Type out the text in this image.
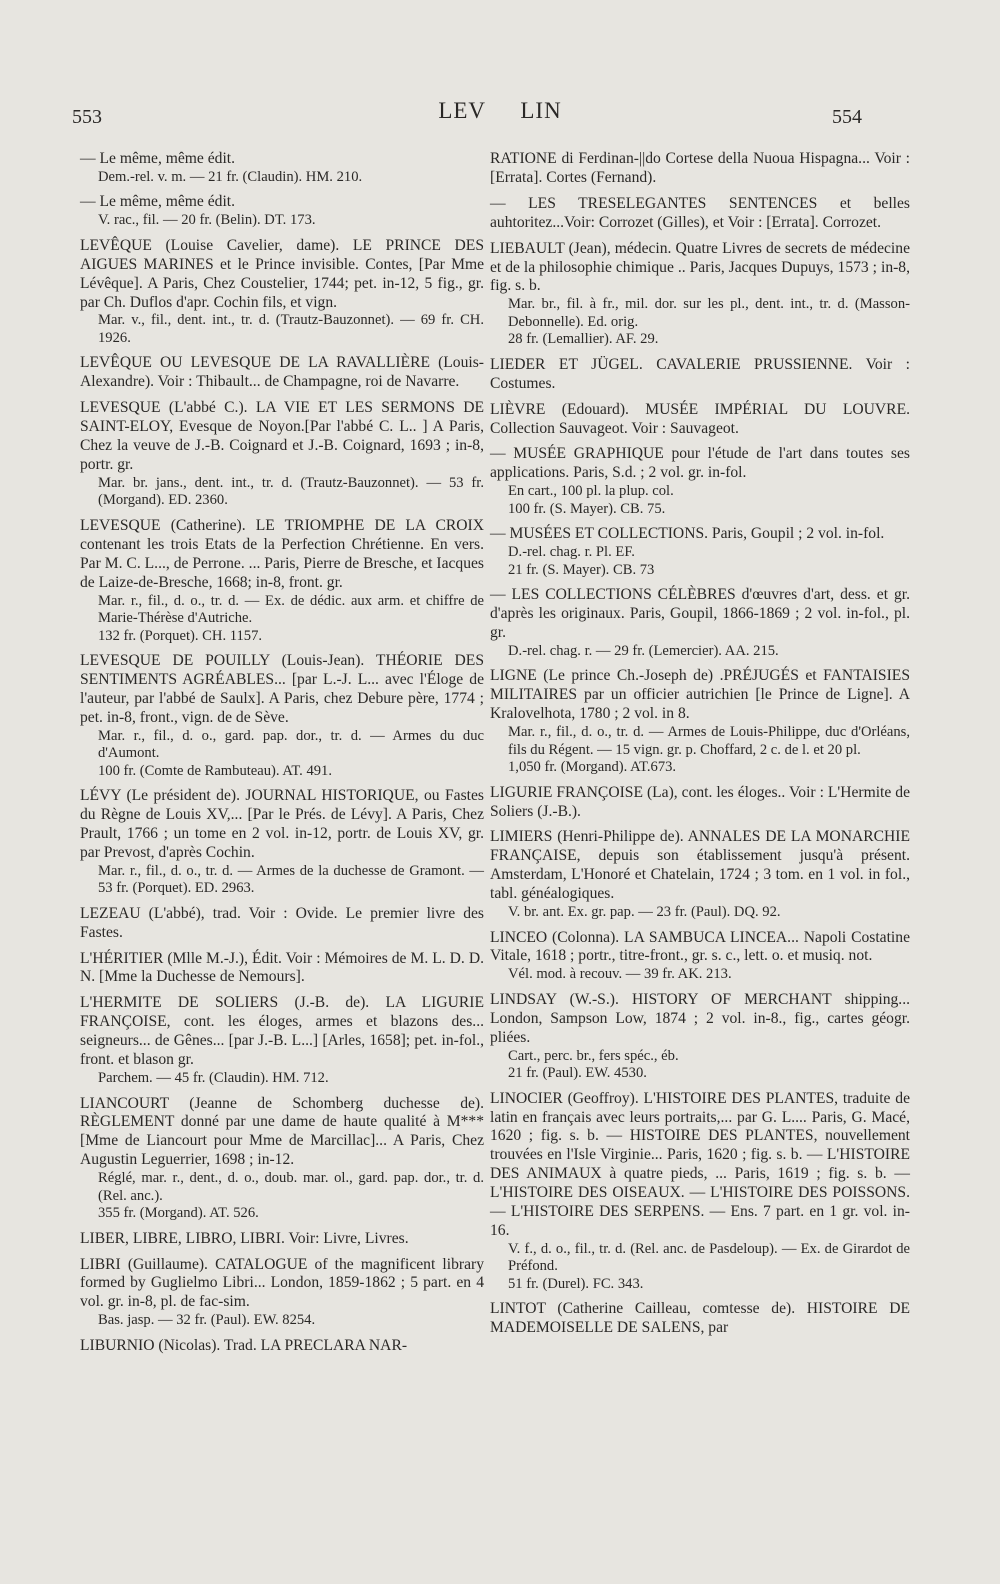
553	LEV LIN	554

— Le même, même édit.

Dem.-rel. v. m. — 21 fr. (Claudin). HM. 210.

— Le même, même édit.

V. rac., fil. — 20 fr. (Belin). DT. 173.

LEVÊQUE (Louise Cavelier, dame). LE PRINCE DES AIGUES MARINES et le Prince invisible. Contes, [Par Mme Lévêque]. A Paris, Chez Coustelier, 1744; pet. in-12, 5 fig., gr. par Ch. Duflos d'apr. Cochin fils, et vign.

Mar. v., fil., dent. int., tr. d. (Trautz-Bauzonnet). — 69 fr. CH. 1926.

LEVÊQUE OU LEVESQUE DE LA RAVALLIÈRE (Louis-Alexandre). Voir : Thibault... de Champagne, roi de Navarre.

LEVESQUE (L'abbé C.). LA VIE ET LES SERMONS DE SAINT-ELOY, Evesque de Noyon.[Par l'abbé C. L.. ] A Paris, Chez la veuve de J.-B. Coignard et J.-B. Coignard, 1693 ; in-8, portr. gr.

Mar. br. jans., dent. int., tr. d. (Trautz-Bauzonnet). — 53 fr. (Morgand). ED. 2360.

LEVESQUE (Catherine). LE TRIOMPHE DE LA CROIX contenant les trois Etats de la Perfection Chrétienne. En vers. Par M. C. L..., de Perrone. ... Paris, Pierre de Bresche, et Iacques de Laize-de-Bresche, 1668; in-8, front. gr.

Mar. r., fil., d. o., tr. d. — Ex. de dédic. aux arm. et chiffre de Marie-Thérèse d'Autriche.

132 fr. (Porquet). CH. 1157.

LEVESQUE DE POUILLY (Louis-Jean). THÉORIE DES SENTIMENTS AGRÉABLES... [par L.-J. L... avec l'Éloge de l'auteur, par l'abbé de Saulx]. A Paris, chez Debure père, 1774 ; pet. in-8, front., vign. de de Sève.

Mar. r., fil., d. o., gard. pap. dor., tr. d. — Armes du duc d'Aumont.

100 fr. (Comte de Rambuteau). AT. 491.

LÉVY (Le président de). JOURNAL HISTORIQUE, ou Fastes du Règne de Louis XV,... [Par le Prés. de Lévy]. A Paris, Chez Prault, 1766 ; un tome en 2 vol. in-12, portr. de Louis XV, gr. par Prevost, d'après Cochin.

Mar. r., fil., d. o., tr. d. — Armes de la duchesse de Gramont. — 53 fr. (Porquet). ED. 2963.

LEZEAU (L'abbé), trad. Voir : Ovide. Le premier livre des Fastes.

L'HÉRITIER (Mlle M.-J.), Édit. Voir : Mémoires de M. L. D. D. N. [Mme la Duchesse de Nemours].

L'HERMITE DE SOLIERS (J.-B. de). LA LIGURIE FRANÇOISE, cont. les éloges, armes et blazons des... seigneurs... de Gênes... [par J.-B. L...] [Arles, 1658]; pet. in-fol., front. et blason gr.

Parchem. — 45 fr. (Claudin). HM. 712.

LIANCOURT (Jeanne de Schomberg duchesse de). RÈGLEMENT donné par une dame de haute qualité à M*** [Mme de Liancourt pour Mme de Marcillac]... A Paris, Chez Augustin Leguerrier, 1698 ; in-12.

Réglé, mar. r., dent., d. o., doub. mar. ol., gard. pap. dor., tr. d. (Rel. anc.).

355 fr. (Morgand). AT. 526.

LIBER, LIBRE, LIBRO, LIBRI. Voir: Livre, Livres.

LIBRI (Guillaume). CATALOGUE of the magnificent library formed by Guglielmo Libri... London, 1859-1862 ; 5 part. en 4 vol. gr. in-8, pl. de fac-sim.

Bas. jasp. — 32 fr. (Paul). EW. 8254.

LIBURNIO (Nicolas). Trad. LA PRECLARA NAR-

RATIONE di Ferdinan-||do Cortese della Nuoua Hispagna... Voir : [Errata]. Cortes (Fernand).

— LES TRESELEGANTES SENTENCES et belles auhtoritez...Voir: Corrozet (Gilles), et Voir : [Errata]. Corrozet.

LIEBAULT (Jean), médecin. Quatre Livres de secrets de médecine et de la philosophie chimique .. Paris, Jacques Dupuys, 1573 ; in-8, fig. s. b.

Mar. br., fil. à fr., mil. dor. sur les pl., dent. int., tr. d. (Masson-Debonnelle). Ed. orig.

28 fr. (Lemallier). AF. 29.

LIEDER ET JÜGEL. CAVALERIE PRUSSIENNE. Voir : Costumes.

LIÈVRE (Edouard). MUSÉE IMPÉRIAL DU LOUVRE. Collection Sauvageot. Voir : Sauvageot.

— MUSÉE GRAPHIQUE pour l'étude de l'art dans toutes ses applications. Paris, S.d. ; 2 vol. gr. in-fol.

En cart., 100 pl. la plup. col.

100 fr. (S. Mayer). CB. 75.

— MUSÉES ET COLLECTIONS. Paris, Goupil ; 2 vol. in-fol.

D.-rel. chag. r. Pl. EF.

21 fr. (S. Mayer). CB. 73

— LES COLLECTIONS CÉLÈBRES d'œuvres d'art, dess. et gr. d'après les originaux. Paris, Goupil, 1866-1869 ; 2 vol. in-fol., pl. gr.

D.-rel. chag. r. — 29 fr. (Lemercier). AA. 215.

LIGNE (Le prince Ch.-Joseph de) .PRÉJUGÉS et FANTAISIES MILITAIRES par un officier autrichien [le Prince de Ligne]. A Kralovelhota, 1780 ; 2 vol. in 8.

Mar. r., fil., d. o., tr. d. — Armes de Louis-Philippe, duc d'Orléans, fils du Régent. — 15 vign. gr. p. Choffard, 2 c. de l. et 20 pl.

1,050 fr. (Morgand). AT.673.

LIGURIE FRANÇOISE (La), cont. les éloges.. Voir : L'Hermite de Soliers (J.-B.).

LIMIERS (Henri-Philippe de). ANNALES DE LA MONARCHIE FRANÇAISE, depuis son établissement jusqu'à présent. Amsterdam, L'Honoré et Chatelain, 1724 ; 3 tom. en 1 vol. in fol., tabl. généalogiques.

V. br. ant. Ex. gr. pap. — 23 fr. (Paul). DQ. 92.

LINCEO (Colonna). LA SAMBUCA LINCEA... Napoli Costatine Vitale, 1618 ; portr., titre-front., gr. s. c., lett. o. et musiq. not.

Vél. mod. à recouv. — 39 fr. AK. 213.

LINDSAY (W.-S.). HISTORY OF MERCHANT shipping... London, Sampson Low, 1874 ; 2 vol. in-8., fig., cartes géogr. pliées.

Cart., perc. br., fers spéc., éb.

21 fr. (Paul). EW. 4530.

LINOCIER (Geoffroy). L'HISTOIRE DES PLANTES, traduite de latin en français avec leurs portraits,... par G. L.... Paris, G. Macé, 1620 ; fig. s. b. — HISTOIRE DES PLANTES, nouvellement trouvées en l'Isle Virginie... Paris, 1620 ; fig. s. b. — L'HISTOIRE DES ANIMAUX à quatre pieds, ... Paris, 1619 ; fig. s. b. — L'HISTOIRE DES OISEAUX. — L'HISTOIRE DES POISSONS. — L'HISTOIRE DES SERPENS. — Ens. 7 part. en 1 gr. vol. in-16.

V. f., d. o., fil., tr. d. (Rel. anc. de Pasdeloup). — Ex. de Girardot de Préfond.

51 fr. (Durel). FC. 343.

LINTOT (Catherine Cailleau, comtesse de). HISTOIRE DE MADEMOISELLE DE SALENS, par
